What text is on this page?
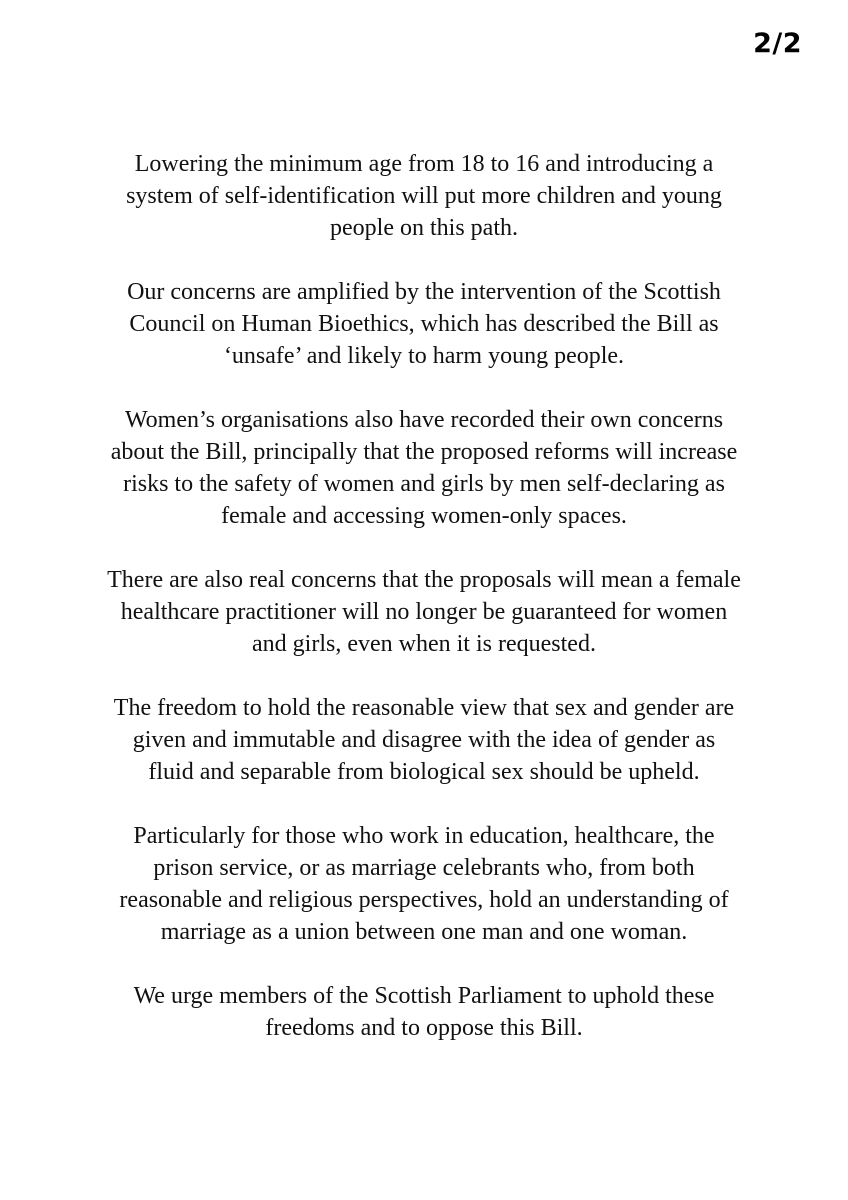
2/2

Lowering the minimum age from 18 to 16 and introducing a
system of self-identification will put more children and young
people on this path.

Our concerns are amplified by the intervention of the Scottish
Council on Human Bioethics, which has described the Bill as
‘unsafe’ and likely to harm young people.

Women’s organisations also have recorded their own concerns
about the Bill, principally that the proposed reforms will increase
risks to the safety of women and girls by men self-declaring as
female and accessing women-only spaces.

There are also real concerns that the proposals will mean a female
healthcare practitioner will no longer be guaranteed for women
and girls, even when it is requested.

The freedom to hold the reasonable view that sex and gender are
given and immutable and disagree with the idea of gender as
fluid and separable from biological sex should be upheld.

Particularly for those who work in education, healthcare, the
prison service, or as marriage celebrants who, from both
reasonable and religious perspectives, hold an understanding of
marriage as a union between one man and one woman.

We urge members of the Scottish Parliament to uphold these
freedoms and to oppose this Bill.
